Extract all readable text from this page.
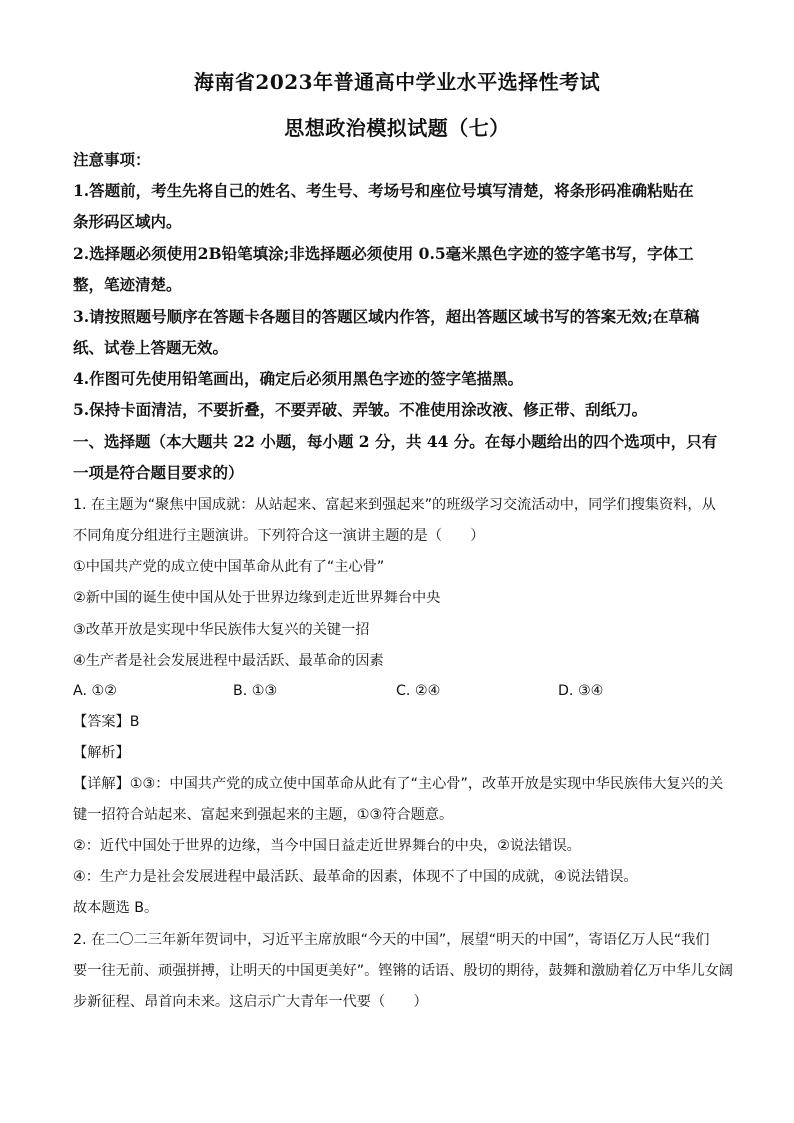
海南省2023年普通高中学业水平选择性考试
思想政治模拟试题（七）
注意事项：
1.答题前，考生先将自己的姓名、考生号、考场号和座位号填写清楚，将条形码准确粘贴在
条形码区域内。
2.选择题必须使用2B铅笔填涂;非选择题必须使用 0.5毫米黑色字迹的签字笔书写，字体工
整，笔迹清楚。
3.请按照题号顺序在答题卡各题目的答题区域内作答，超出答题区域书写的答案无效;在草稿
纸、试卷上答题无效。
4.作图可先使用铅笔画出，确定后必须用黑色字迹的签字笔描黑。
5.保持卡面清洁，不要折叠，不要弄破、弄皱。不准使用涂改液、修正带、刮纸刀。
一、选择题（本大题共 22 小题，每小题 2 分，共 44 分。在每小题给出的四个选项中，只有
一项是符合题目要求的）
1. 在主题为“聚焦中国成就：从站起来、富起来到强起来”的班级学习交流活动中，同学们搜集资料，从
不同角度分组进行主题演讲。下列符合这一演讲主题的是（　　）
①中国共产党的成立使中国革命从此有了“主心骨”
②新中国的诞生使中国从处于世界边缘到走近世界舞台中央
③改革开放是实现中华民族伟大复兴的关键一招
④生产者是社会发展进程中最活跃、最革命的因素
A. ①②	B. ①③	C. ②④	D. ③④
【答案】B
【解析】
【详解】①③：中国共产党的成立使中国革命从此有了“主心骨”，改革开放是实现中华民族伟大复兴的关
键一招符合站起来、富起来到强起来的主题，①③符合题意。
②：近代中国处于世界的边缘，当今中国日益走近世界舞台的中央，②说法错误。
④：生产力是社会发展进程中最活跃、最革命的因素，体现不了中国的成就，④说法错误。
故本题选 B。
2. 在二〇二三年新年贺词中，习近平主席放眼“今天的中国”，展望“明天的中国”，寄语亿万人民“我们
要一往无前、顽强拼搏，让明天的中国更美好”。铿锵的话语、殷切的期待，鼓舞和激励着亿万中华儿女阔
步新征程、昂首向未来。这启示广大青年一代要（　　）
